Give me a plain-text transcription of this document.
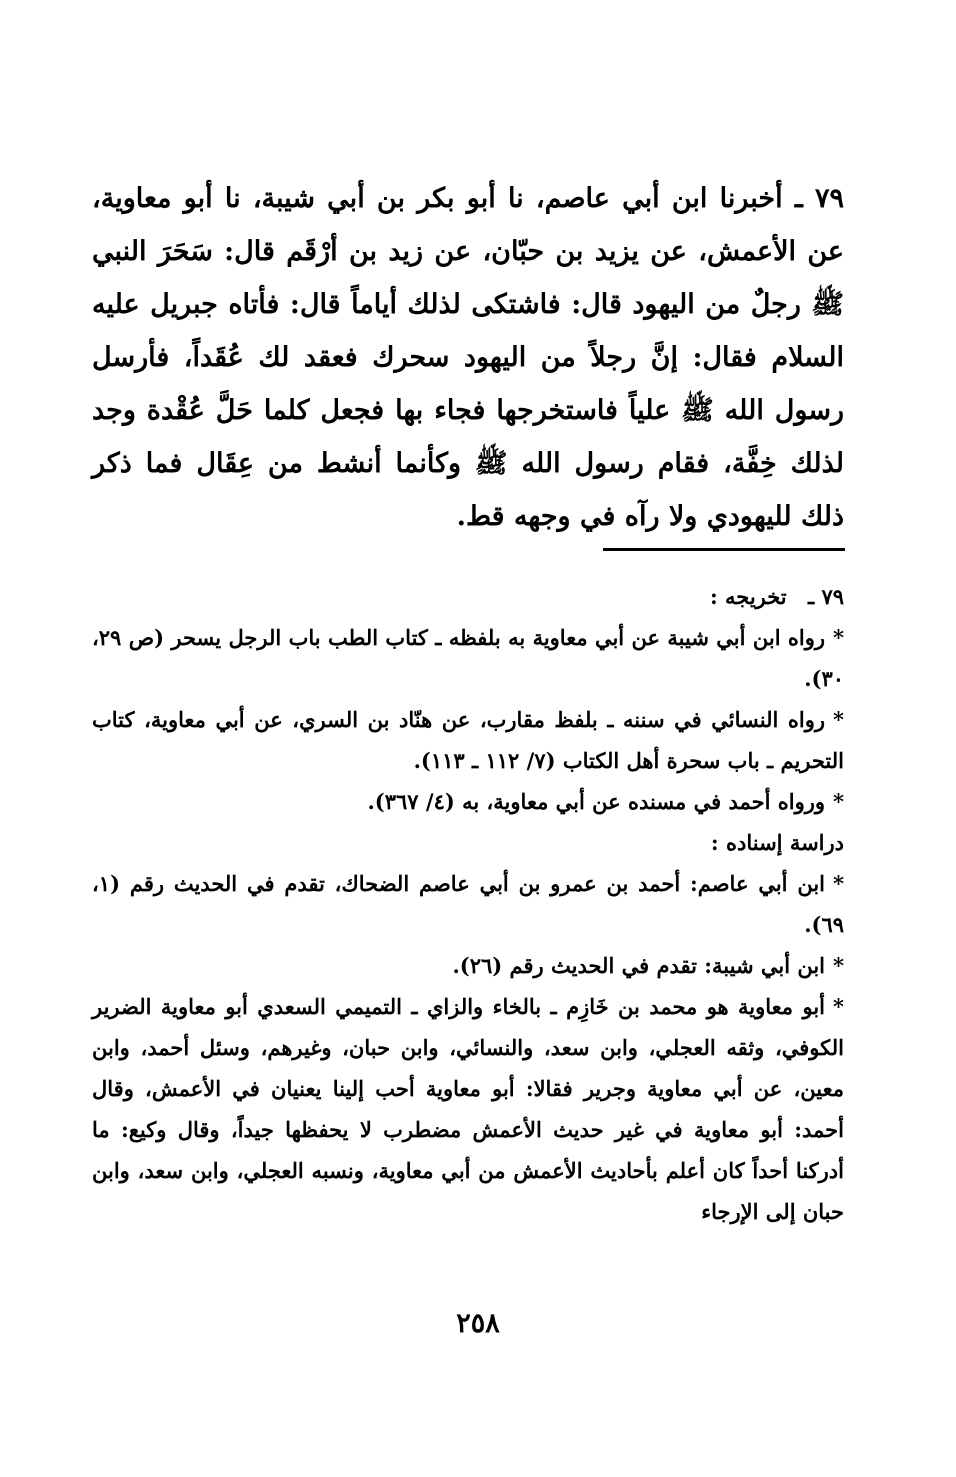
٧٩ ـ أخبرنا ابن أبي عاصم، نا أبو بكر بن أبي شيبة، نا أبو معاوية، عن الأعمش، عن يزيد بن حبّان، عن زيد بن أرْقَم قال: سَحَرَ النبي ﷺ رجلٌ من اليهود قال: فاشتكى لذلك أياماً قال: فأتاه جبريل عليه السلام فقال: إنَّ رجلاً من اليهود سحرك فعقد لك عُقَداً، فأرسل رسول الله ﷺ علياً فاستخرجها فجاء بها فجعل كلما حَلَّ عُقْدة وجد لذلك خِفَّة، فقام رسول الله ﷺ وكأنما أنشط من عِقَال فما ذكر ذلك لليهودي ولا رآه في وجهه قط.

٧٩ ـ تخريجه :

*رواه ابن أبي شيبة عن أبي معاوية به بلفظه ـ كتاب الطب باب الرجل يسحر (ص ٢٩، ٣٠).

*رواه النسائي في سننه ـ بلفظ مقارب، عن هنّاد بن السري، عن أبي معاوية، كتاب التحريم ـ باب سحرة أهل الكتاب (٧/ ١١٢ ـ ١١٣).

*ورواه أحمد في مسنده عن أبي معاوية، به (٤/ ٣٦٧).

دراسة إسناده :

*ابن أبي عاصم: أحمد بن عمرو بن أبي عاصم الضحاك، تقدم في الحديث رقم (١، ٦٩).

*ابن أبي شيبة: تقدم في الحديث رقم (٢٦).

*أبو معاوية هو محمد بن خَازِم ـ بالخاء والزاي ـ التميمي السعدي أبو معاوية الضرير الكوفي، وثقه العجلي، وابن سعد، والنسائي، وابن حبان، وغيرهم، وسئل أحمد، وابن معين، عن أبي معاوية وجرير فقالا: أبو معاوية أحب إلينا يعنيان في الأعمش، وقال أحمد: أبو معاوية في غير حديث الأعمش مضطرب لا يحفظها جيداً، وقال وكيع: ما أدركنا أحداً كان أعلم بأحاديث الأعمش من أبي معاوية، ونسبه العجلي، وابن سعد، وابن حبان إلى الإرجاء

٢٥٨
